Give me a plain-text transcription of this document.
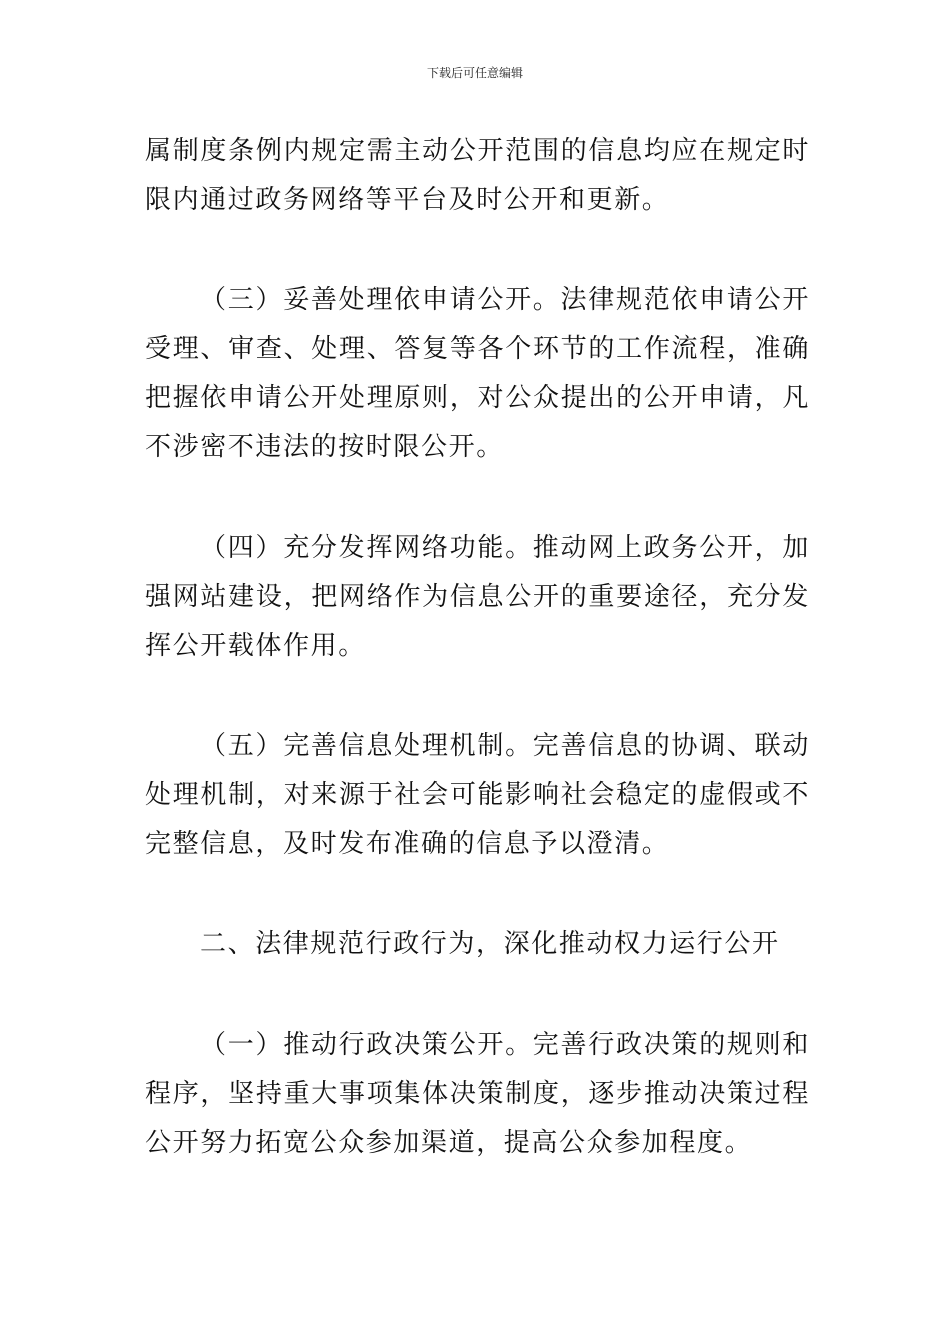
下载后可任意编辑

属制度条例内规定需主动公开范围的信息均应在规定时限内通过政务网络等平台及时公开和更新。

（三）妥善处理依申请公开。法律规范依申请公开受理、审查、处理、答复等各个环节的工作流程，准确把握依申请公开处理原则，对公众提出的公开申请，凡不涉密不违法的按时限公开。

（四）充分发挥网络功能。推动网上政务公开，加强网站建设，把网络作为信息公开的重要途径，充分发挥公开载体作用。

（五）完善信息处理机制。完善信息的协调、联动处理机制，对来源于社会可能影响社会稳定的虚假或不完整信息，及时发布准确的信息予以澄清。

二、法律规范行政行为，深化推动权力运行公开

（一）推动行政决策公开。完善行政决策的规则和程序，坚持重大事项集体决策制度，逐步推动决策过程公开努力拓宽公众参加渠道，提高公众参加程度。
